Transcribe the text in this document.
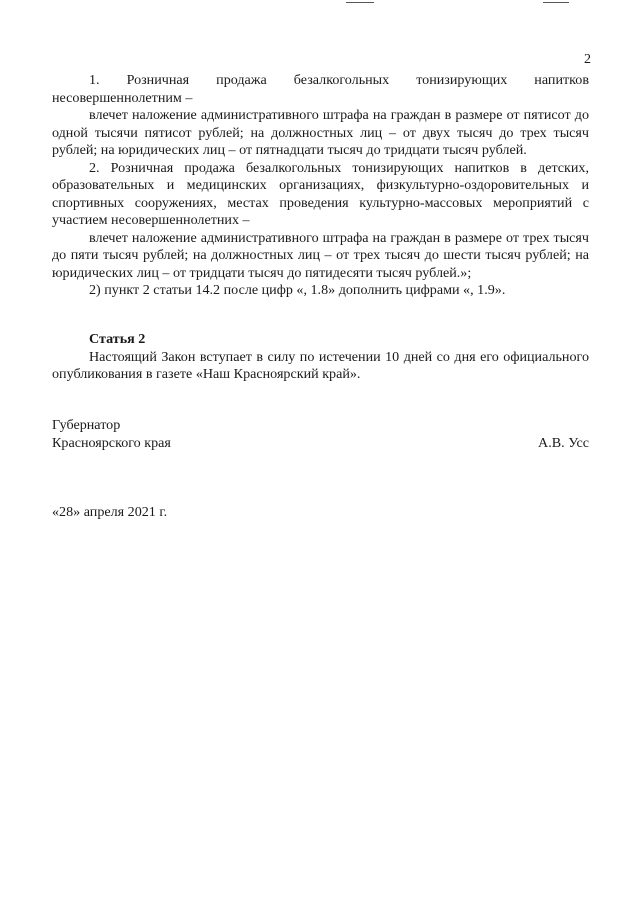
2

1. Розничная продажа безалкогольных тонизирующих напитков несовершеннолетним –

влечет наложение административного штрафа на граждан в размере от пятисот до одной тысячи пятисот рублей; на должностных лиц – от двух тысяч до трех тысяч рублей; на юридических лиц – от пятнадцати тысяч до тридцати тысяч рублей.

2. Розничная продажа безалкогольных тонизирующих напитков в детских, образовательных и медицинских организациях, физкультурно-оздоровительных и спортивных сооружениях, местах проведения культурно-массовых мероприятий с участием несовершеннолетних –

влечет наложение административного штрафа на граждан в размере от трех тысяч до пяти тысяч рублей; на должностных лиц – от трех тысяч до шести тысяч рублей; на юридических лиц – от тридцати тысяч до пятидесяти тысяч рублей.»;

2) пункт 2 статьи 14.2 после цифр «, 1.8» дополнить цифрами «, 1.9».

Статья 2

Настоящий Закон вступает в силу по истечении 10 дней со дня его официального опубликования в газете «Наш Красноярский край».

Губернатор
Красноярского края	А.В. Усс
«28» апреля 2021 г.
